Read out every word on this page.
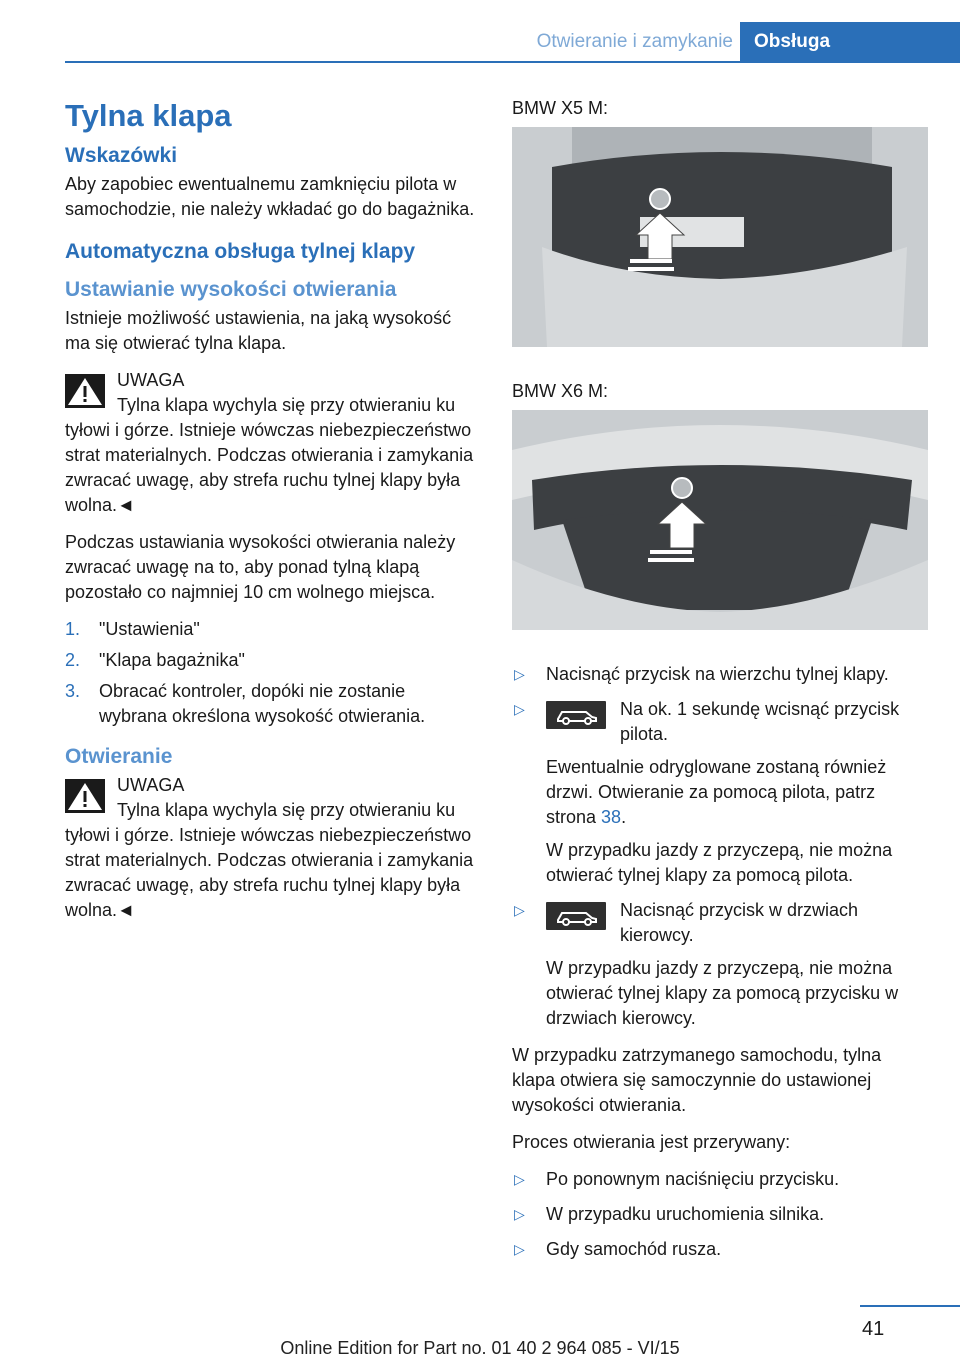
Otwieranie i zamykanie	Obsługa
Tylna klapa
Wskazówki

Aby zapobiec ewentualnemu zamknięciu pilota w samochodzie, nie należy wkładać go do bagażnika.

Automatyczna obsługa tylnej klapy
Ustawianie wysokości otwierania

Istnieje możliwość ustawienia, na jaką wysokość ma się otwierać tylna klapa.

UWAGA
Tylna klapa wychyla się przy otwieraniu ku tyłowi i górze. Istnieje wówczas niebezpieczeństwo strat materialnych. Podczas otwierania i zamykania zwracać uwagę, aby strefa ruchu tylnej klapy była wolna.◄

Podczas ustawiania wysokości otwierania należy zwracać uwagę na to, aby ponad tylną klapą pozostało co najmniej 10 cm wolnego miejsca.

1. "Ustawienia"
2. "Klapa bagażnika"
3. Obracać kontroler, dopóki nie zostanie wybrana określona wysokość otwierania.
Otwieranie
UWAGA
Tylna klapa wychyla się przy otwieraniu ku tyłowi i górze. Istnieje wówczas niebezpieczeństwo strat materialnych. Podczas otwierania i zamykania zwracać uwagę, aby strefa ruchu tylnej klapy była wolna.◄

BMW X5 M:

BMW X6 M:

▷ Nacisnąć przycisk na wierzchu tylnej klapy.
▷	Na ok. 1 sekundę wcisnąć przycisk pilota.

Ewentualnie odryglowane zostaną również drzwi. Otwieranie za pomocą pilota, patrz strona 38.

W przypadku jazdy z przyczepą, nie można otwierać tylnej klapy za pomocą pilota.

▷	Nacisnąć przycisk w drzwiach kierowcy.

W przypadku jazdy z przyczepą, nie można otwierać tylnej klapy za pomocą przycisku w drzwiach kierowcy.

W przypadku zatrzymanego samochodu, tylna klapa otwiera się samoczynnie do ustawionej wysokości otwierania.

Proces otwierania jest przerywany:

▷ Po ponownym naciśnięciu przycisku.
▷ W przypadku uruchomienia silnika.
▷ Gdy samochód rusza.
41
Online Edition for Part no. 01 40 2 964 085 - VI/15
